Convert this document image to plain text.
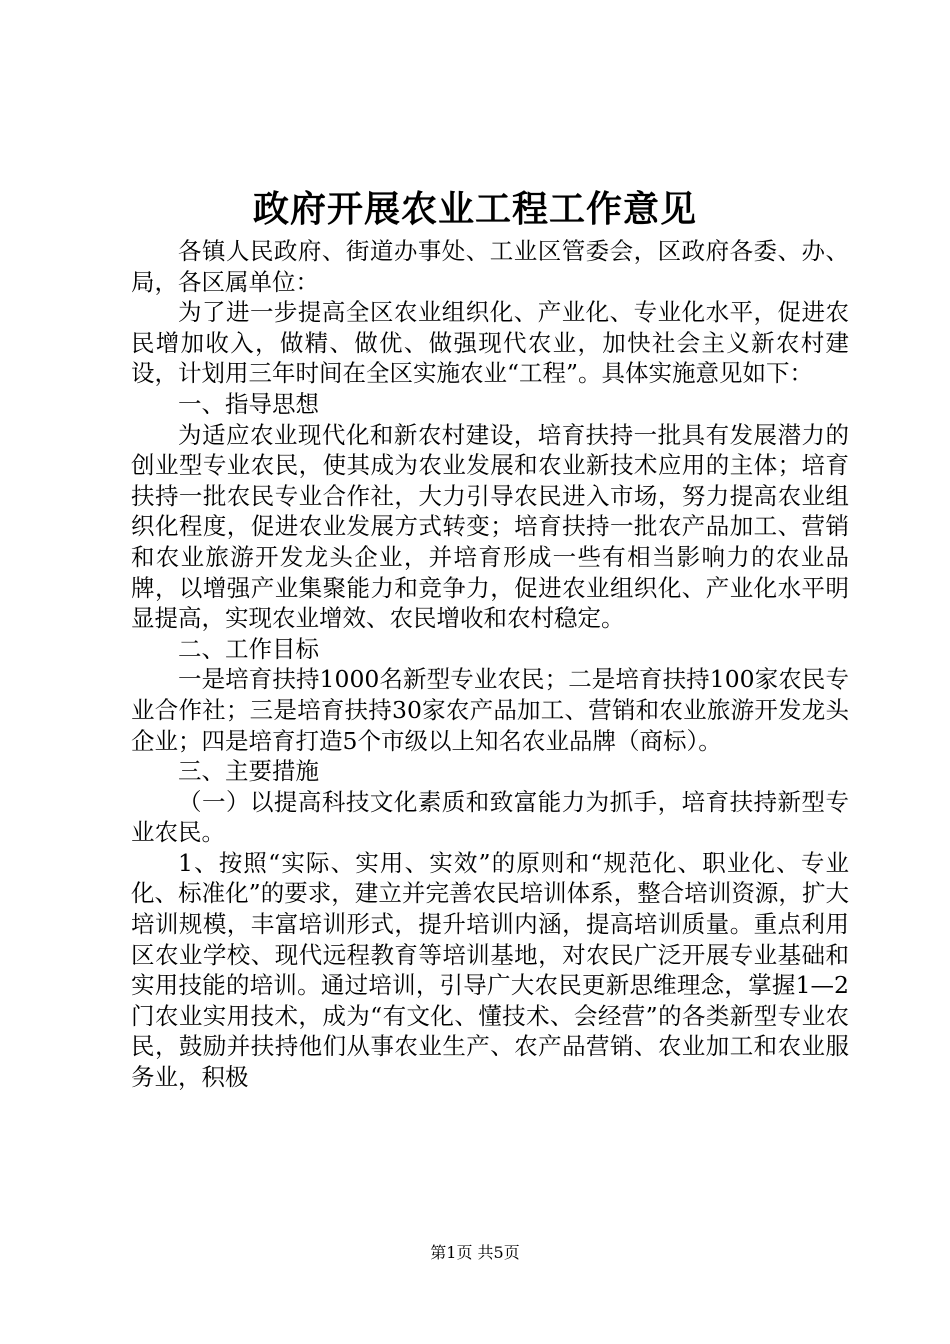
政府开展农业工程工作意见

各镇人民政府、街道办事处、工业区管委会，区政府各委、办、局，各区属单位：

为了进一步提高全区农业组织化、产业化、专业化水平，促进农民增加收入，做精、做优、做强现代农业，加快社会主义新农村建设，计划用三年时间在全区实施农业“工程”。具体实施意见如下：

一、指导思想

为适应农业现代化和新农村建设，培育扶持一批具有发展潜力的创业型专业农民，使其成为农业发展和农业新技术应用的主体；培育扶持一批农民专业合作社，大力引导农民进入市场，努力提高农业组织化程度，促进农业发展方式转变；培育扶持一批农产品加工、营销和农业旅游开发龙头企业，并培育形成一些有相当影响力的农业品牌，以增强产业集聚能力和竞争力，促进农业组织化、产业化水平明显提高，实现农业增效、农民增收和农村稳定。

二、工作目标

一是培育扶持1000名新型专业农民；二是培育扶持100家农民专业合作社；三是培育扶持30家农产品加工、营销和农业旅游开发龙头企业；四是培育打造5个市级以上知名农业品牌（商标）。

三、主要措施

（一）以提高科技文化素质和致富能力为抓手，培育扶持新型专业农民。

1、按照“实际、实用、实效”的原则和“规范化、职业化、专业化、标准化”的要求，建立并完善农民培训体系，整合培训资源，扩大培训规模，丰富培训形式，提升培训内涵，提高培训质量。重点利用区农业学校、现代远程教育等培训基地，对农民广泛开展专业基础和实用技能的培训。通过培训，引导广大农民更新思维理念，掌握1—2门农业实用技术，成为“有文化、懂技术、会经营”的各类新型专业农民，鼓励并扶持他们从事农业生产、农产品营销、农业加工和农业服务业，积极

第1页 共5页
